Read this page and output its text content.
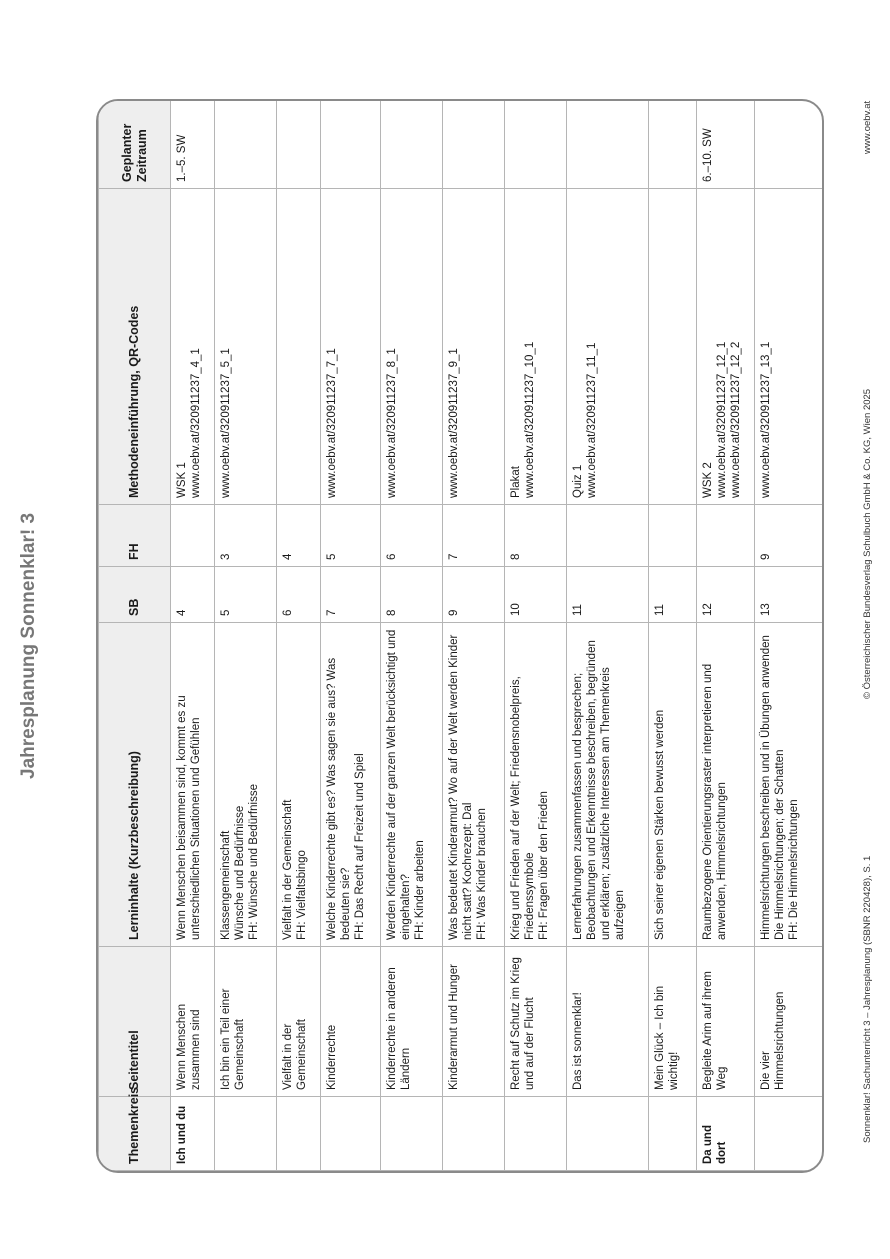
Jahresplanung Sonnenklar! 3
Themenkreis	Seitentitel	Lerninhalte (Kurzbeschreibung)	SB	FH	Methodeneinführung, QR-Codes	Geplanter Zeitraum
Ich und du	Wenn Menschen zusammen sind	Wenn Menschen beisammen sind, kommt es zu unterschiedlichen Situationen und Gefühlen	4		WSK 1 www.oebv.at/320911237_4_1	1.–5. SW
	Ich bin ein Teil einer Gemeinschaft	Klassengemeinschaft Wünsche und Bedürfnisse FH: Wünsche und Bedürfnisse	5	3	www.oebv.at/320911237_5_1	

	Vielfalt in der Gemeinschaft	Vielfalt in der Gemeinschaft FH: Vielfaltsbingo	6	4		
	Kinderrechte	Welche Kinderrechte gibt es? Was sagen sie aus? Was bedeuten sie? FH: Das Recht auf Freizeit und Spiel	7	5	www.oebv.at/320911237_7_1	

	Kinderrechte in anderen Ländern	Werden Kinderrechte auf der ganzen Welt berücksichtigt und eingehalten? FH: Kinder arbeiten	8	6	www.oebv.at/320911237_8_1	

	Kinderarmut und Hunger	Was bedeutet Kinderarmut? Wo auf der Welt werden Kinder nicht satt? Kochrezept: Dal FH: Was Kinder brauchen	9	7	www.oebv.at/320911237_9_1	

	Recht auf Schutz im Krieg und auf der Flucht	Krieg und Frieden auf der Welt; Friedensnobelpreis, Friedenssymbole FH: Fragen über den Frieden	10	8	Plakat www.oebv.at/320911237_10_1	

	Das ist sonnenklar!	Lernerfahrungen zusammenfassen und besprechen; Beobachtungen und Erkenntnisse beschreiben, begründen und erklären; zusätzliche Interessen am Themenkreis aufzeigen	11		Quiz 1 www.oebv.at/320911237_11_1	

	Mein Glück – Ich bin wichtig!	Sich seiner eigenen Stärken bewusst werden	11			
Da und dort	Begleite Arim auf ihrem Weg	Raumbezogene Orientierungsraster interpretieren und anwenden, Himmelsrichtungen	12		WSK 2 www.oebv.at/320911237_12_1 www.oebv.at/320911237_12_2	6.–10. SW
	Die vier Himmelsrichtungen	Himmelsrichtungen beschreiben und in Übungen anwenden Die Himmelsrichtungen; der Schatten FH: Die Himmelsrichtungen	13	9	www.oebv.at/320911237_13_1	

Sonnenklar! Sachunterricht 3 – Jahresplanung (SBNR 220428), S. 1
© Österreichischer Bundesverlag Schulbuch GmbH & Co. KG, Wien 2025
www.oebv.at
